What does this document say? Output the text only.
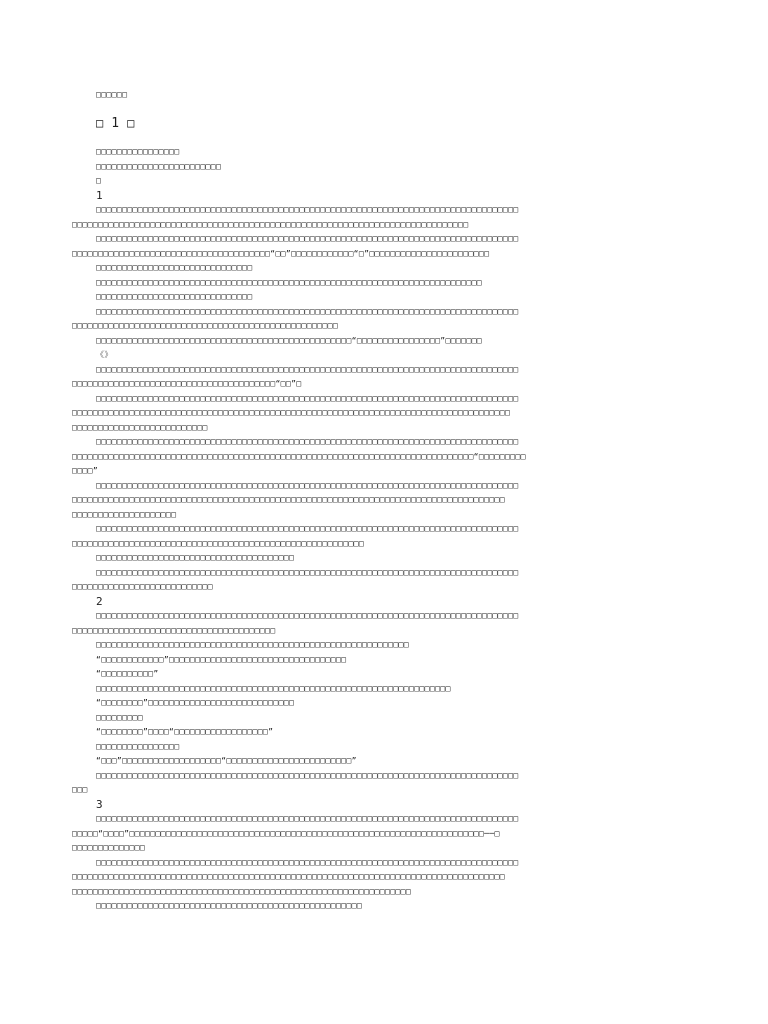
□□□□□□
□ 1 □
□□□□□□□□□□□□□□□□
□□□□□□□□□□□□□□□□□□□□□□□□
□
1
□□□□□□□□□□□□□□□□□□□□□□□□□□□□□□□□□□□□□□□□□□□□□□□□□□□□□□□□□□□□□□□□□□□□□□□□□□□□□□□□□
□□□□□□□□□□□□□□□□□□□□□□□□□□□□□□□□□□□□□□□□□□□□□□□□□□□□□□□□□□□□□□□□□□□□□□□□□□□□
□□□□□□□□□□□□□□□□□□□□□□□□□□□□□□□□□□□□□□□□□□□□□□□□□□□□□□□□□□□□□□□□□□□□□□□□□□□□□□□□□
□□□□□□□□□□□□□□□□□□□□□□□□□□□□□□□□□□□□□□“□□”□□□□□□□□□□□□“□”□□□□□□□□□□□□□□□□□□□□□□□
□□□□□□□□□□□□□□□□□□□□□□□□□□□□□□
□□□□□□□□□□□□□□□□□□□□□□□□□□□□□□□□□□□□□□□□□□□□□□□□□□□□□□□□□□□□□□□□□□□□□□□□□□
□□□□□□□□□□□□□□□□□□□□□□□□□□□□□□
□□□□□□□□□□□□□□□□□□□□□□□□□□□□□□□□□□□□□□□□□□□□□□□□□□□□□□□□□□□□□□□□□□□□□□□□□□□□□□□□□
□□□□□□□□□□□□□□□□□□□□□□□□□□□□□□□□□□□□□□□□□□□□□□□□□□□
□□□□□□□□□□□□□□□□□□□□□□□□□□□□□□□□□□□□□□□□□□□□□□□□□“□□□□□□□□□□□□□□□□”□□□□□□□
《》
□□□□□□□□□□□□□□□□□□□□□□□□□□□□□□□□□□□□□□□□□□□□□□□□□□□□□□□□□□□□□□□□□□□□□□□□□□□□□□□□□
□□□□□□□□□□□□□□□□□□□□□□□□□□□□□□□□□□□□□□□“□□”□
□□□□□□□□□□□□□□□□□□□□□□□□□□□□□□□□□□□□□□□□□□□□□□□□□□□□□□□□□□□□□□□□□□□□□□□□□□□□□□□□□
□□□□□□□□□□□□□□□□□□□□□□□□□□□□□□□□□□□□□□□□□□□□□□□□□□□□□□□□□□□□□□□□□□□□□□□□□□□□□□□□□□□□
□□□□□□□□□□□□□□□□□□□□□□□□□□
□□□□□□□□□□□□□□□□□□□□□□□□□□□□□□□□□□□□□□□□□□□□□□□□□□□□□□□□□□□□□□□□□□□□□□□□□□□□□□□□□
□□□□□□□□□□□□□□□□□□□□□□□□□□□□□□□□□□□□□□□□□□□□□□□□□□□□□□□□□□□□□□□□□□□□□□□□□□□□□“□□□□□□□□□
□□□□”
□□□□□□□□□□□□□□□□□□□□□□□□□□□□□□□□□□□□□□□□□□□□□□□□□□□□□□□□□□□□□□□□□□□□□□□□□□□□□□□□□
□□□□□□□□□□□□□□□□□□□□□□□□□□□□□□□□□□□□□□□□□□□□□□□□□□□□□□□□□□□□□□□□□□□□□□□□□□□□□□□□□□□
□□□□□□□□□□□□□□□□□□□□
□□□□□□□□□□□□□□□□□□□□□□□□□□□□□□□□□□□□□□□□□□□□□□□□□□□□□□□□□□□□□□□□□□□□□□□□□□□□□□□□□
□□□□□□□□□□□□□□□□□□□□□□□□□□□□□□□□□□□□□□□□□□□□□□□□□□□□□□□□
□□□□□□□□□□□□□□□□□□□□□□□□□□□□□□□□□□□□□□
□□□□□□□□□□□□□□□□□□□□□□□□□□□□□□□□□□□□□□□□□□□□□□□□□□□□□□□□□□□□□□□□□□□□□□□□□□□□□□□□□
□□□□□□□□□□□□□□□□□□□□□□□□□□□
2
□□□□□□□□□□□□□□□□□□□□□□□□□□□□□□□□□□□□□□□□□□□□□□□□□□□□□□□□□□□□□□□□□□□□□□□□□□□□□□□□□
□□□□□□□□□□□□□□□□□□□□□□□□□□□□□□□□□□□□□□□
□□□□□□□□□□□□□□□□□□□□□□□□□□□□□□□□□□□□□□□□□□□□□□□□□□□□□□□□□□□□
“□□□□□□□□□□□□”□□□□□□□□□□□□□□□□□□□□□□□□□□□□□□□□□□
“□□□□□□□□□□”
□□□□□□□□□□□□□□□□□□□□□□□□□□□□□□□□□□□□□□□□□□□□□□□□□□□□□□□□□□□□□□□□□□□□
“□□□□□□□□”□□□□□□□□□□□□□□□□□□□□□□□□□□□□
□□□□□□□□□
“□□□□□□□□”□□□□“□□□□□□□□□□□□□□□□□□”
□□□□□□□□□□□□□□□□
“□□□”□□□□□□□□□□□□□□□□□□□“□□□□□□□□□□□□□□□□□□□□□□□□”
□□□□□□□□□□□□□□□□□□□□□□□□□□□□□□□□□□□□□□□□□□□□□□□□□□□□□□□□□□□□□□□□□□□□□□□□□□□□□□□□□
□□□
3
□□□□□□□□□□□□□□□□□□□□□□□□□□□□□□□□□□□□□□□□□□□□□□□□□□□□□□□□□□□□□□□□□□□□□□□□□□□□□□□□□
□□□□□“□□□□”□□□□□□□□□□□□□□□□□□□□□□□□□□□□□□□□□□□□□□□□□□□□□□□□□□□□□□□□□□□□□□□□□□□□──□
□□□□□□□□□□□□□□
□□□□□□□□□□□□□□□□□□□□□□□□□□□□□□□□□□□□□□□□□□□□□□□□□□□□□□□□□□□□□□□□□□□□□□□□□□□□□□□□□
□□□□□□□□□□□□□□□□□□□□□□□□□□□□□□□□□□□□□□□□□□□□□□□□□□□□□□□□□□□□□□□□□□□□□□□□□□□□□□□□□□□
□□□□□□□□□□□□□□□□□□□□□□□□□□□□□□□□□□□□□□□□□□□□□□□□□□□□□□□□□□□□□□□□□
□□□□□□□□□□□□□□□□□□□□□□□□□□□□□□□□□□□□□□□□□□□□□□□□□□□
